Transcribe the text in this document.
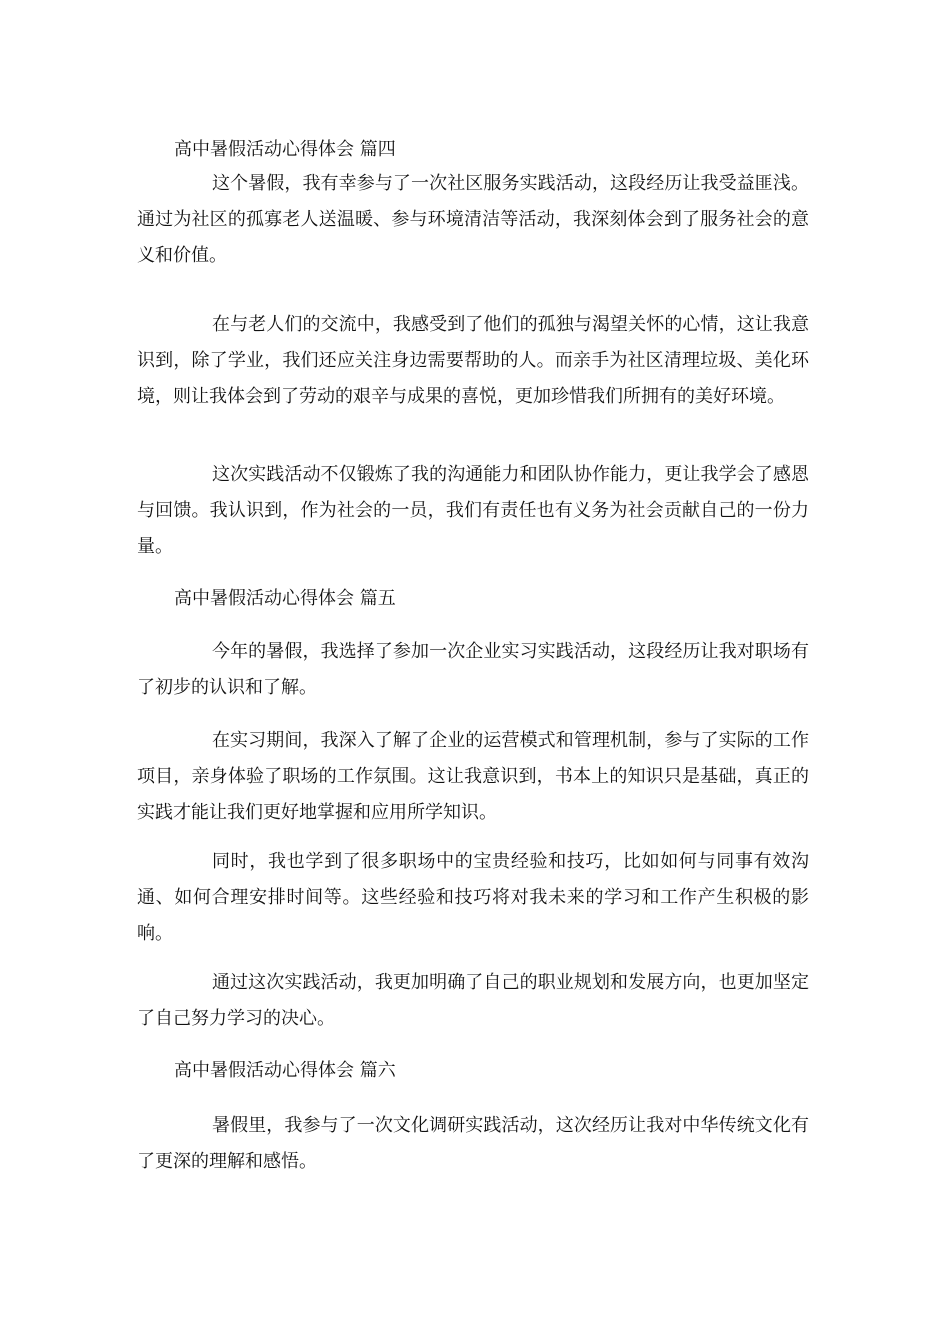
高中暑假活动心得体会 篇四

这个暑假，我有幸参与了一次社区服务实践活动，这段经历让我受益匪浅。通过为社区的孤寡老人送温暖、参与环境清洁等活动，我深刻体会到了服务社会的意义和价值。

在与老人们的交流中，我感受到了他们的孤独与渴望关怀的心情，这让我意识到，除了学业，我们还应关注身边需要帮助的人。而亲手为社区清理垃圾、美化环境，则让我体会到了劳动的艰辛与成果的喜悦，更加珍惜我们所拥有的美好环境。

这次实践活动不仅锻炼了我的沟通能力和团队协作能力，更让我学会了感恩与回馈。我认识到，作为社会的一员，我们有责任也有义务为社会贡献自己的一份力量。

高中暑假活动心得体会 篇五

今年的暑假，我选择了参加一次企业实习实践活动，这段经历让我对职场有了初步的认识和了解。

在实习期间，我深入了解了企业的运营模式和管理机制，参与了实际的工作项目，亲身体验了职场的工作氛围。这让我意识到，书本上的知识只是基础，真正的实践才能让我们更好地掌握和应用所学知识。

同时，我也学到了很多职场中的宝贵经验和技巧，比如如何与同事有效沟通、如何合理安排时间等。这些经验和技巧将对我未来的学习和工作产生积极的影响。

通过这次实践活动，我更加明确了自己的职业规划和发展方向，也更加坚定了自己努力学习的决心。

高中暑假活动心得体会 篇六

暑假里，我参与了一次文化调研实践活动，这次经历让我对中华传统文化有了更深的理解和感悟。
